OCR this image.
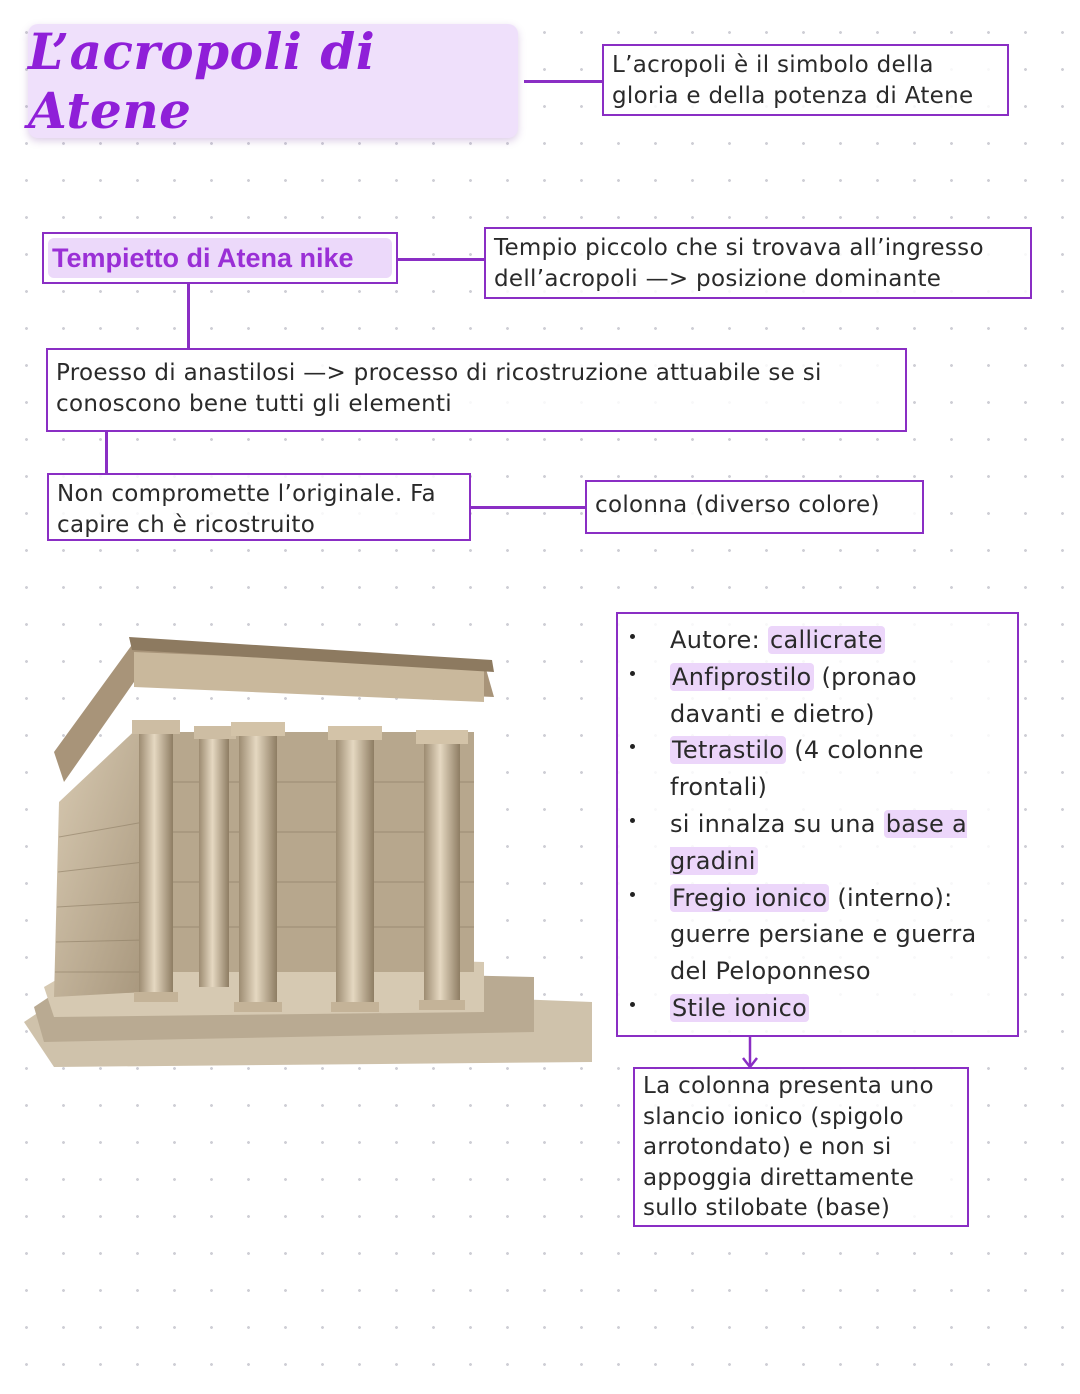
L’acropoli di Atene
L’acropoli è il simbolo della
gloria e della potenza di Atene
Tempietto di Atena nike	Tempio piccolo che si trovava all’ingresso
dell’acropoli —> posizione dominante
Proesso di anastilosi —> processo di ricostruzione attuabile se si
conoscono bene tutti gli elementi
Non compromette l’originale. Fa
capire ch è ricostruito
colonna (diverso colore)
Autore: callicrate
Anfiprostilo (pronao davanti e dietro)
Tetrastilo (4 colonne frontali)
si innalza su una base a gradini
Fregio ionico (interno): guerre persiane e guerra del Peloponneso
Stile ionico
La colonna presenta uno
slancio ionico (spigolo
arrotondato) e non si
appoggia direttamente
sullo stilobate (base)
